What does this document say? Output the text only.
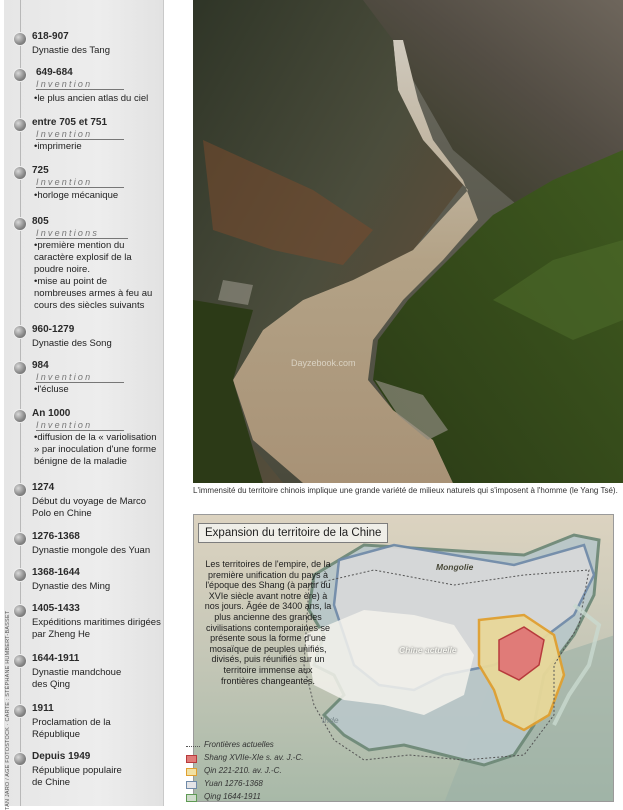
TAN JARO / AGE FOTOSTOCK · CARTE : STÉPHANE HUMBERT-BASSET
618-907
Dynastie des Tang
649-684
Invention
•le plus ancien atlas du ciel
entre 705 et 751
Invention
•imprimerie
725
Invention
•horloge mécanique
805
Inventions
•première mention du caractère explosif de la poudre noire.
•mise au point de nombreuses armes à feu au cours des siècles suivants
960-1279
Dynastie des Song
984
Invention
•l'écluse
An 1000
Invention
•diffusion de la « variolisation » par inoculation d'une forme bénigne de la maladie
1274
Début du voyage de Marco Polo en Chine
1276-1368
Dynastie mongole des Yuan
1368-1644
Dynastie des Ming
1405-1433
Expéditions maritimes dirigées par Zheng He
1644-1911
Dynastie mandchoue des Qing
1911
Proclamation de la République
Depuis 1949
République populaire de Chine
Dayzebook.com
L'immensité du territoire chinois implique une grande variété de milieux naturels qui s'imposent à l'homme (le Yang Tsé).
Expansion du territoire de la Chine
Les territoires de l'empire, de la première unification du pays à l'époque des Shang (à partir du XVIe siècle avant notre ère) à nos jours. Âgée de 3400 ans, la plus ancienne des grandes civilisations contemporaines se présente sous la forme d'une mosaïque de peuples unifiés, divisés, puis réunifiés sur un territoire immense aux frontières changeantes.
Mongolie
Chine actuelle
Inde
Frontières actuelles
Shang XVIIe-XIe s. av. J.-C.
Qin 221-210. av. J.-C.
Yuan 1276-1368
Qing 1644-1911
